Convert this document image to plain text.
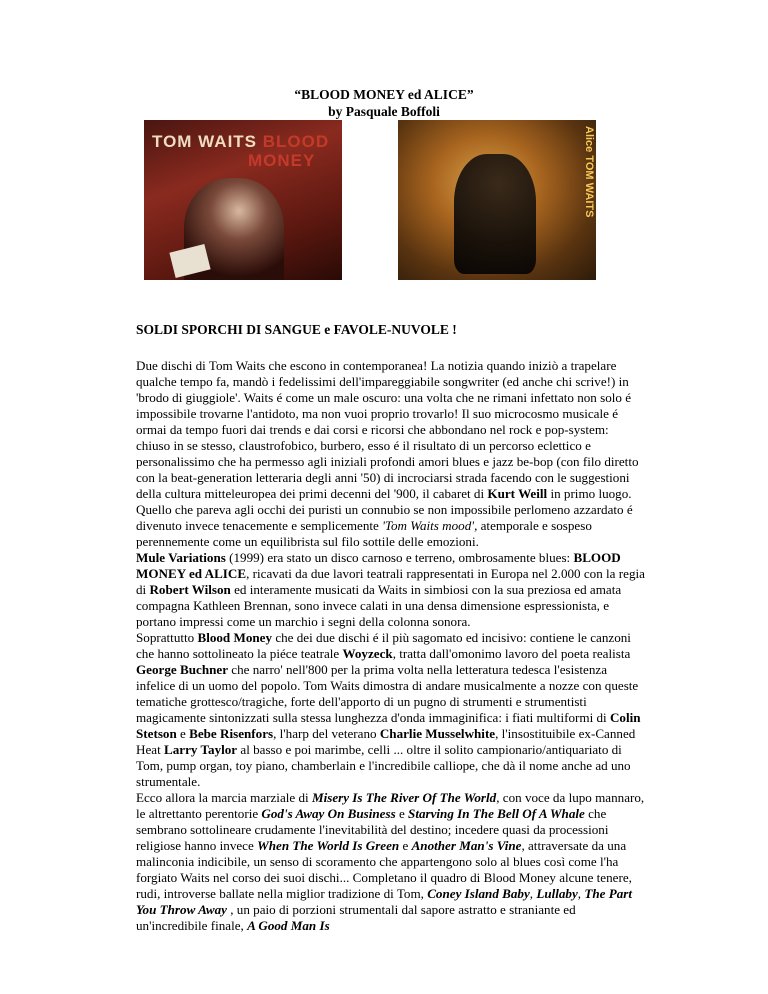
“BLOOD MONEY ed ALICE”
by Pasquale Boffoli
TOM WAITS BLOOD
MONEY	Alice TOM WAITS
SOLDI SPORCHI DI SANGUE e FAVOLE-NUVOLE !

Due dischi di Tom Waits che escono in contemporanea! La notizia quando iniziò a trapelare qualche tempo fa, mandò i fedelissimi dell'impareggiabile songwriter (ed anche chi scrive!) in 'brodo di giuggiole'. Waits é come un male oscuro: una volta che ne rimani infettato non solo é impossibile trovarne l'antidoto, ma non vuoi proprio trovarlo! Il suo microcosmo musicale é ormai da tempo fuori dai trends e dai corsi e ricorsi che abbondano nel rock e pop-system: chiuso in se stesso, claustrofobico, burbero, esso é il risultato di un percorso eclettico e personalissimo che ha permesso agli iniziali profondi amori blues e jazz be-bop (con filo diretto con la beat-generation letteraria degli anni '50) di incrociarsi strada facendo con le suggestioni della cultura mitteleuropea dei primi decenni del '900, il cabaret di Kurt Weill in primo luogo.

Quello che pareva agli occhi dei puristi un connubio se non impossibile perlomeno azzardato é divenuto invece tenacemente e semplicemente 'Tom Waits mood', atemporale e sospeso perennemente come un equilibrista sul filo sottile delle emozioni.

Mule Variations (1999) era stato un disco carnoso e terreno, ombrosamente blues: BLOOD MONEY ed ALICE, ricavati da due lavori teatrali rappresentati in Europa nel 2.000 con la regia di Robert Wilson ed interamente musicati da Waits in simbiosi con la sua preziosa ed amata compagna Kathleen Brennan, sono invece calati in una densa dimensione espressionista, e portano impressi come un marchio i segni della colonna sonora.

Soprattutto Blood Money che dei due dischi é il più sagomato ed incisivo: contiene le canzoni che hanno sottolineato la piéce teatrale Woyzeck, tratta dall'omonimo lavoro del poeta realista George Buchner che narro' nell'800 per la prima volta nella letteratura tedesca l'esistenza infelice di un uomo del popolo. Tom Waits dimostra di andare musicalmente a nozze con queste tematiche grottesco/tragiche, forte dell'apporto di un pugno di strumenti e strumentisti magicamente sintonizzati sulla stessa lunghezza d'onda immaginifica: i fiati multiformi di Colin Stetson e Bebe Risenfors, l'harp del veterano Charlie Musselwhite, l'insostituibile ex-Canned Heat Larry Taylor al basso e poi marimbe, celli ... oltre il solito campionario/antiquariato di Tom, pump organ, toy piano, chamberlain e l'incredibile calliope, che dà il nome anche ad uno strumentale.

Ecco allora la marcia marziale di Misery Is The River Of The World, con voce da lupo mannaro, le altrettanto perentorie God's Away On Business e Starving In The Bell Of A Whale che sembrano sottolineare crudamente l'inevitabilità del destino; incedere quasi da processioni religiose hanno invece When The World Is Green e Another Man's Vine, attraversate da una malinconia indicibile, un senso di scoramento che appartengono solo al blues così come l'ha forgiato Waits nel corso dei suoi dischi... Completano il quadro di Blood Money alcune tenere, rudi, introverse ballate nella miglior tradizione di Tom, Coney Island Baby, Lullaby, The Part You Throw Away , un paio di porzioni strumentali dal sapore astratto e straniante ed un'incredibile finale, A Good Man Is
